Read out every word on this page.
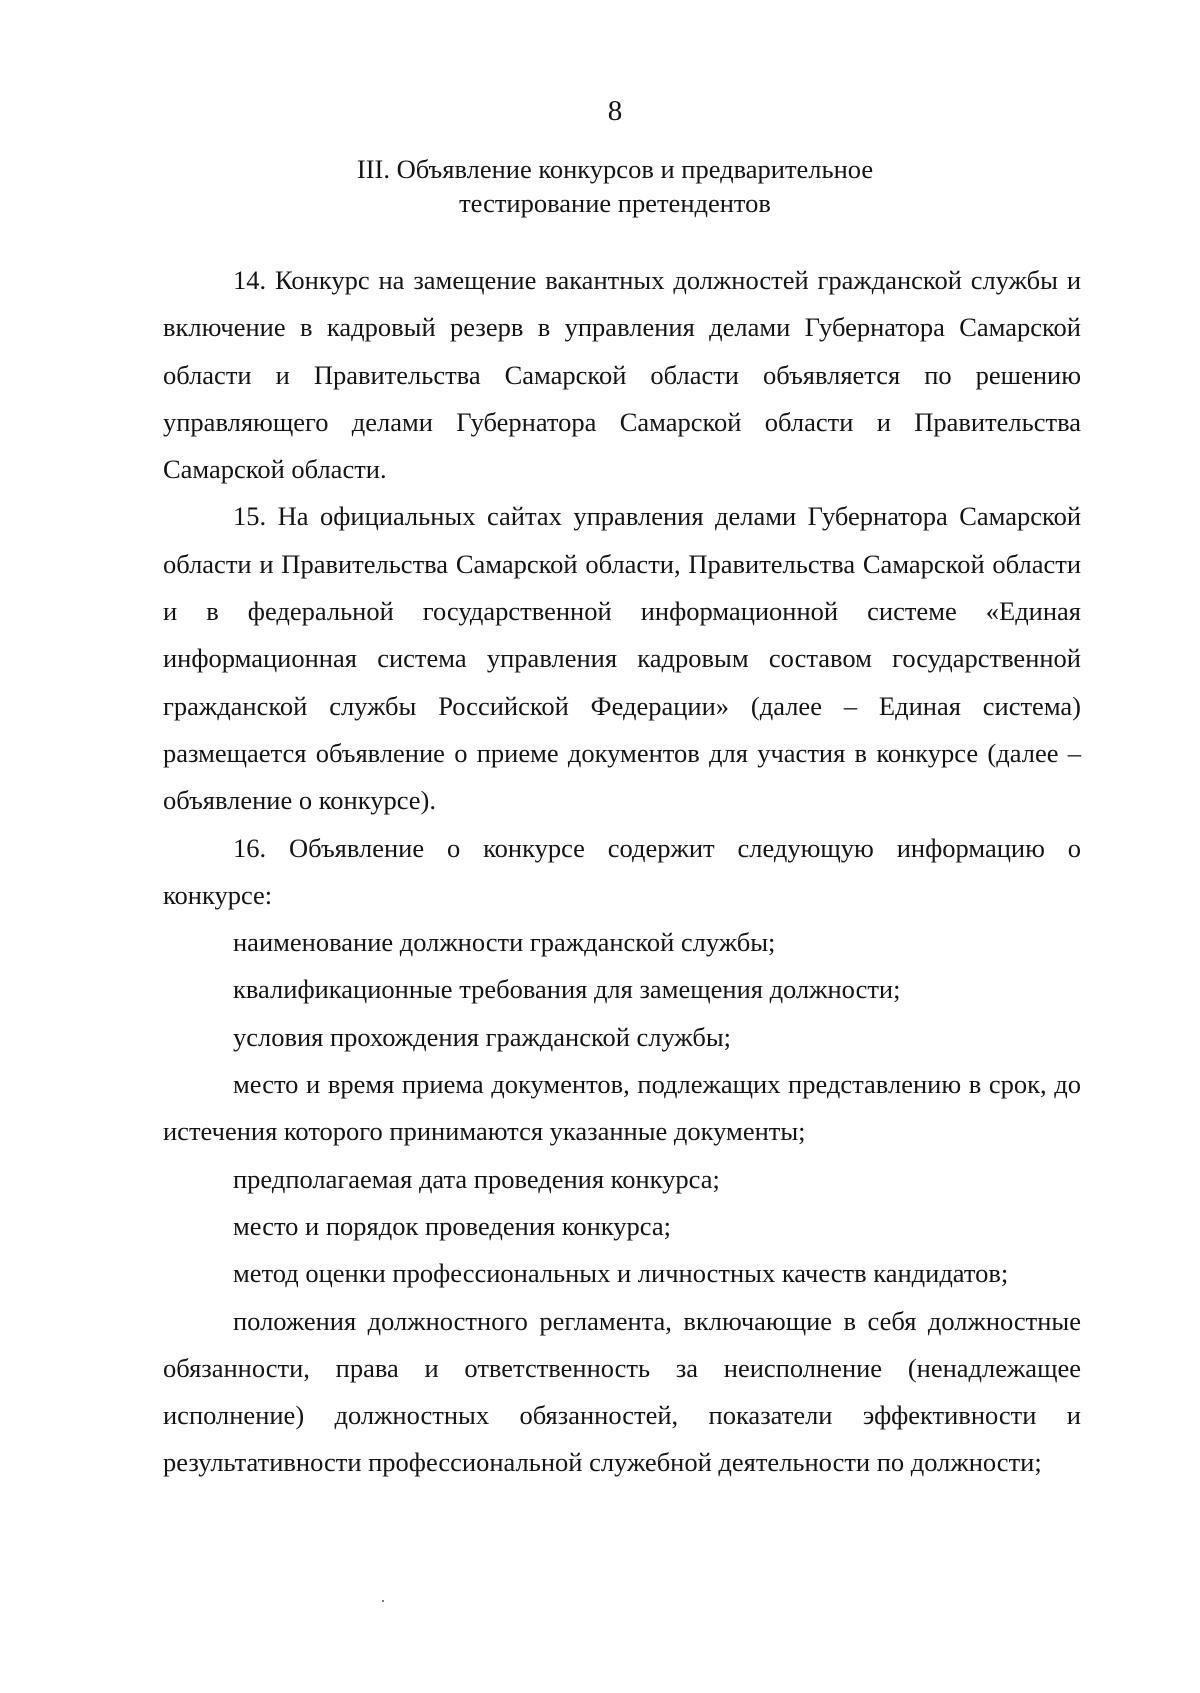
8
III. Объявление конкурсов и предварительное
тестирование претендентов

14. Конкурс на замещение вакантных должностей гражданской службы и включение в кадровый резерв в управления делами Губернатора Самарской области и Правительства Самарской области объявляется по решению управляющего делами Губернатора Самарской области и Правительства Самарской области.

15. На официальных сайтах управления делами Губернатора Самарской области и Правительства Самарской области, Правительства Самарской области и в федеральной государственной информационной системе «Единая информационная система управления кадровым составом государственной гражданской службы Российской Федерации» (далее – Единая система) размещается объявление о приеме документов для участия в конкурсе (далее – объявление о конкурсе).

16. Объявление о конкурсе содержит следующую информацию о конкурсе:

наименование должности гражданской службы;

квалификационные требования для замещения должности;

условия прохождения гражданской службы;

место и время приема документов, подлежащих представлению в срок, до истечения которого принимаются указанные документы;

предполагаемая дата проведения конкурса;

место и порядок проведения конкурса;

метод оценки профессиональных и личностных качеств кандидатов;

положения должностного регламента, включающие в себя должностные обязанности, права и ответственность за неисполнение (ненадлежащее исполнение) должностных обязанностей, показатели эффективности и результативности профессиональной служебной деятельности по должности;
